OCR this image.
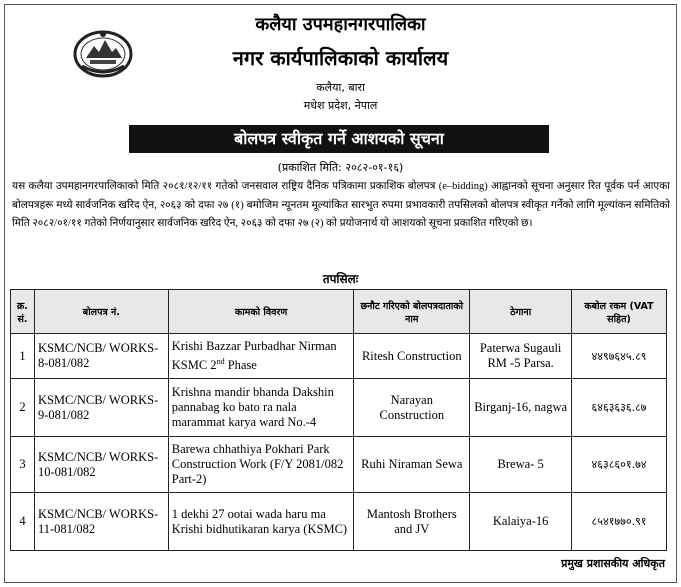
कलैया उपमहानगरपालिका
नगर कार्यपालिकाको कार्यालय
कलैया, बारा
मधेश प्रदेश, नेपाल
बोलपत्र स्वीकृत गर्ने आशयको सूचना
(प्रकाशित मिति: २०८२-०१-१६)
यस कलैया उपमहानगरपालिकाको मिति २०८१/१२/११ गतेको जनसवाल राष्ट्रिय दैनिक पत्रिकामा प्रकाशिक बोलपत्र (e–bidding) आह्वानको सूचना अनुसार रित पूर्वक पर्न आएका बोलपत्रहरू मध्ये सार्वजनिक खरिद ऐन, २०६३ को दफा २७ (१) बमोजिम न्यूनतम मूल्यांकित सारभुत रुपमा प्रभावकारी तपसिलको बोलपत्र स्वीकृत गर्नेको लागि मूल्यांकन समितिको मिति २०८२/०१/११ गतेको निर्णयानुसार सार्वजनिक खरिद ऐन, २०६३ को दफा २७ (२) को प्रयोजनार्थ यो आशयको सूचना प्रकाशित गरिएको छ।
तपसिलः
क्र. सं.	बोलपत्र नं.	कामको विवरण	छनौट गरिएको बोलपत्रदाताको नाम	ठेगाना	कबोल रकम (VAT सहित)
1	KSMC/NCB/ WORKS-8-081/082	Krishi Bazzar Purbadhar Nirman KSMC 2nd Phase	Ritesh Construction	Paterwa Sugauli RM -5 Parsa.	४४९७६४५.८९
2	KSMC/NCB/ WORKS-9-081/082	Krishna mandir bhanda Dakshin pannabag ko bato ra nala marammat karya ward No.-4	Narayan Construction	Birganj-16, nagwa	६४६३६३६.८७
3	KSMC/NCB/ WORKS-10-081/082	Barewa chhathiya Pokhari Park Construction Work (F/Y 2081/082 Part-2)	Ruhi Niraman Sewa	Brewa- 5	४६३८६०१.७४
4	KSMC/NCB/ WORKS-11-081/082	1 dekhi 27 ootai wada haru ma Krishi bidhutikaran karya (KSMC)	Mantosh Brothers and JV	Kalaiya-16	८५४१७७०.९१
प्रमुख प्रशासकीय अधिकृत
